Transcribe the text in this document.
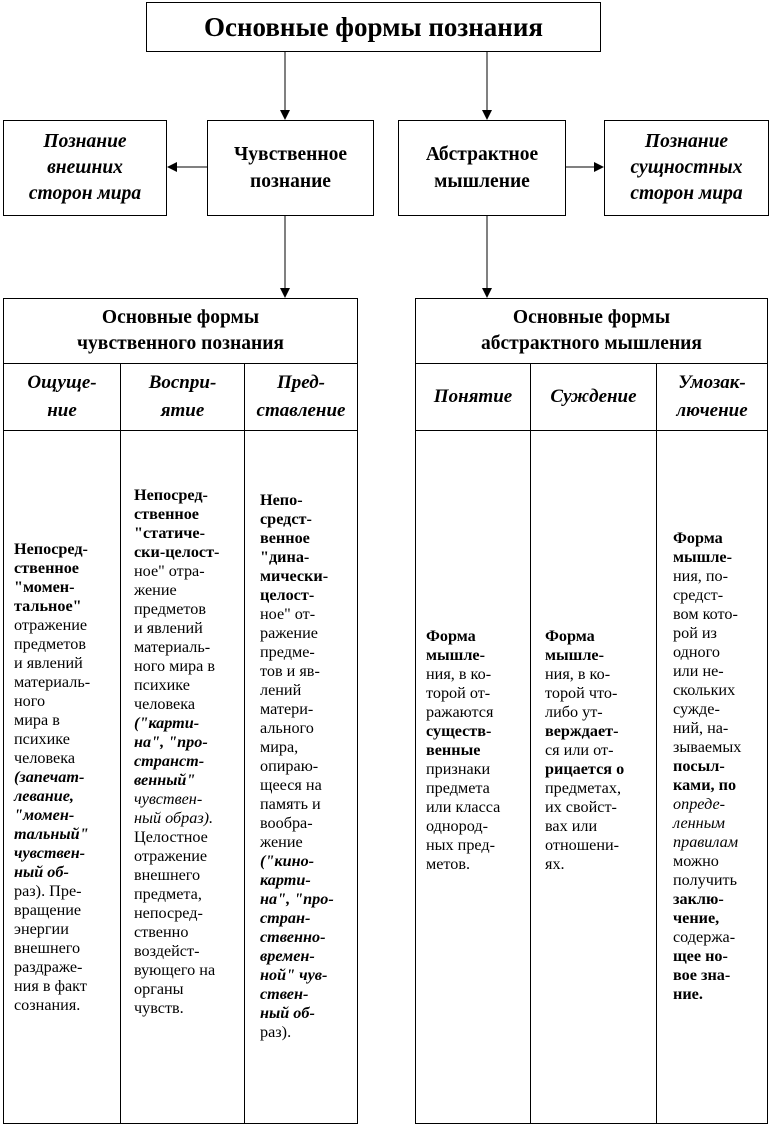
Основные формы познания
Познание
внешних
сторон мира
Чувственное
познание
Абстрактное
мышление
Познание
сущностных
сторон мира
Основные формы
чувственного познания
Ощуще-
ние
Воспри-
ятие
Пред-
ставление
Непосред-
ственное
"момен-
тальное"
отражение
предметов
и явлений
материаль-
ного
мира в
психике
человека
(запечат-
левание,
"момен-
тальный"
чувствен-
ный об-
раз). Пре-
вращение
энергии
внешнего
раздраже-
ния в факт
сознания.
Непосред-
ственное
"статиче-
ски-целост-
ное" отра-
жение
предметов
и явлений
материаль-
ного мира в
психике
человека
("карти-
на", "про-
странст-
венный"
чувствен-
ный образ).
Целостное
отражение
внешнего
предмета,
непосред-
ственно
воздейст-
вующего на
органы
чувств.
Непо-
средст-
венное
"дина-
мически-
целост-
ное" от-
ражение
предме-
тов и яв-
лений
матери-
ального
мира,
опираю-
щееся на
память и
вообра-
жение
("кино-
карти-
на", "про-
стран-
ственно-
времен-
ной" чув-
ствен-
ный об-
раз).
Основные формы
абстрактного мышления
Понятие Суждение
Умозак-
лючение
Форма
мышле-
ния, в ко-
торой от-
ражаются
существ-
венные
признаки
предмета
или класса
однород-
ных пред-
метов.
Форма
мышле-
ния, в ко-
торой что-
либо ут-
верждает-
ся или от-
рицается о
предметах,
их свойст-
вах или
отношени-
ях.
Форма
мышле-
ния, по-
средст-
вом кото-
рой из
одного
или не-
скольких
сужде-
ний, на-
зываемых
посыл-
ками, по
опреде-
ленным
правилам
можно
получить
заклю-
чение,
содержа-
щее но-
вое зна-
ние.
